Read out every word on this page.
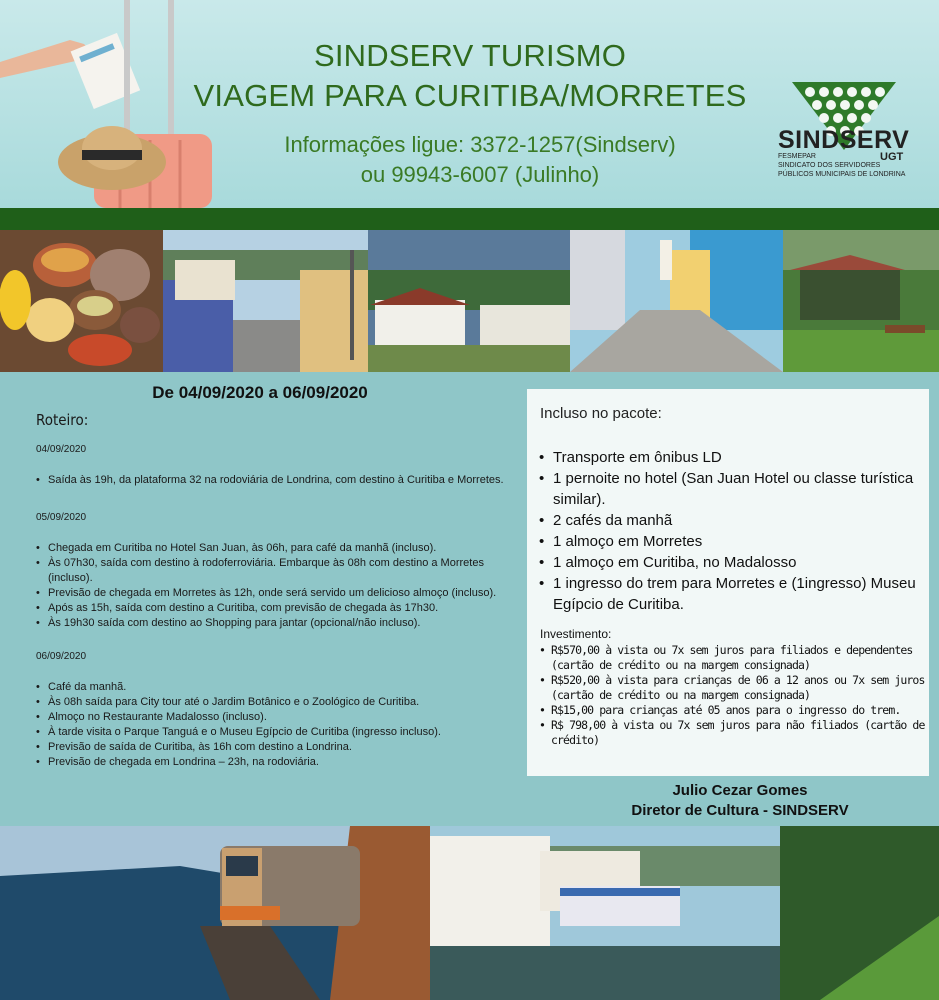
SINDSERV TURISMO
VIAGEM PARA CURITIBA/MORRETES
Informações ligue: 3372-1257(Sindserv)
ou 99943-6007 (Julinho)
SINDSERV
FESMEPAR
SINDICATO DOS SERVIDORES
PÚBLICOS MUNICIPAIS DE LONDRINA
UGT
De 04/09/2020 a 06/09/2020
Roteiro:
04/09/2020
• Saída às 19h, da plataforma 32 na rodoviária de Londrina, com destino à Curitiba e Morretes.
05/09/2020
• Chegada em Curitiba no Hotel San Juan, às 06h, para café da manhã (incluso).
• Às 07h30, saída com destino à rodoferroviária. Embarque às 08h com destino a Morretes (incluso).
• Previsão de chegada em Morretes às 12h, onde será servido um delicioso almoço (incluso).
• Após as 15h, saída com destino a Curitiba, com previsão de chegada às 17h30.
• Às 19h30 saída com destino ao Shopping para jantar (opcional/não incluso).
06/09/2020
• Café da manhã.
• Às 08h saída para City tour até o Jardim Botânico e o Zoológico de Curitiba.
• Almoço no Restaurante Madalosso (incluso).
• À tarde visita o Parque Tanguá e o Museu Egípcio de Curitiba (ingresso incluso).
• Previsão de saída de Curitiba, às 16h com destino a Londrina.
• Previsão de chegada em Londrina – 23h, na rodoviária.
Incluso no pacote:
• Transporte em ônibus LD
• 1 pernoite no hotel (San Juan Hotel ou classe turística similar).
• 2 cafés da manhã
• 1 almoço em Morretes
• 1 almoço em Curitiba, no Madalosso
• 1 ingresso do trem para Morretes e (1ingresso) Museu Egípcio de Curitiba.
Investimento:
• R$570,00 à vista ou 7x sem juros para filiados e dependentes (cartão de crédito ou na margem consignada)
• R$520,00 à vista para crianças de 06 a 12 anos ou 7x sem juros (cartão de crédito ou na margem consignada)
• R$15,00 para crianças até 05 anos para o ingresso do trem.
• R$ 798,00 à vista ou 7x sem juros para não filiados (cartão de crédito)
Julio Cezar Gomes
Diretor de Cultura - SINDSERV
